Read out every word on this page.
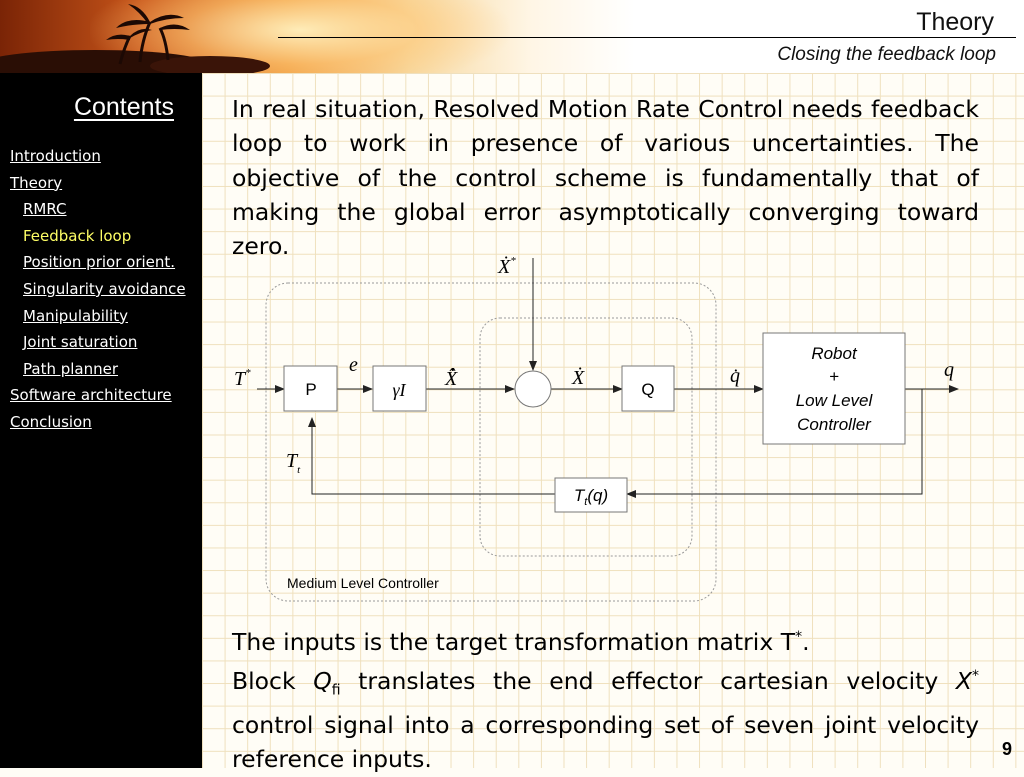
Theory
Closing the feedback loop
Contents
Introduction
Theory
RMRC
Feedback loop
Position prior orient.
Singularity avoidance
Manipulability
Joint saturation
Path planner
Software architecture
Conclusion
In real situation, Resolved Motion Rate Control needs feedback loop to work in presence of various uncertainties. The objective of the control scheme is fundamentally that of making the global error asymptotically converging toward zero.
P	γI	Q
Robot
+
Low Level
Controller
$T_t(q)$
Ẋ*
T*	e
X̂̇	Ẋ	q̇	q
$T_t$
Medium Level Controller
The inputs is the target transformation matrix T*.
Block $Q_{fi}$ translates the end effector cartesian velocity X* control signal into a corresponding set of seven joint velocity reference inputs.	9
